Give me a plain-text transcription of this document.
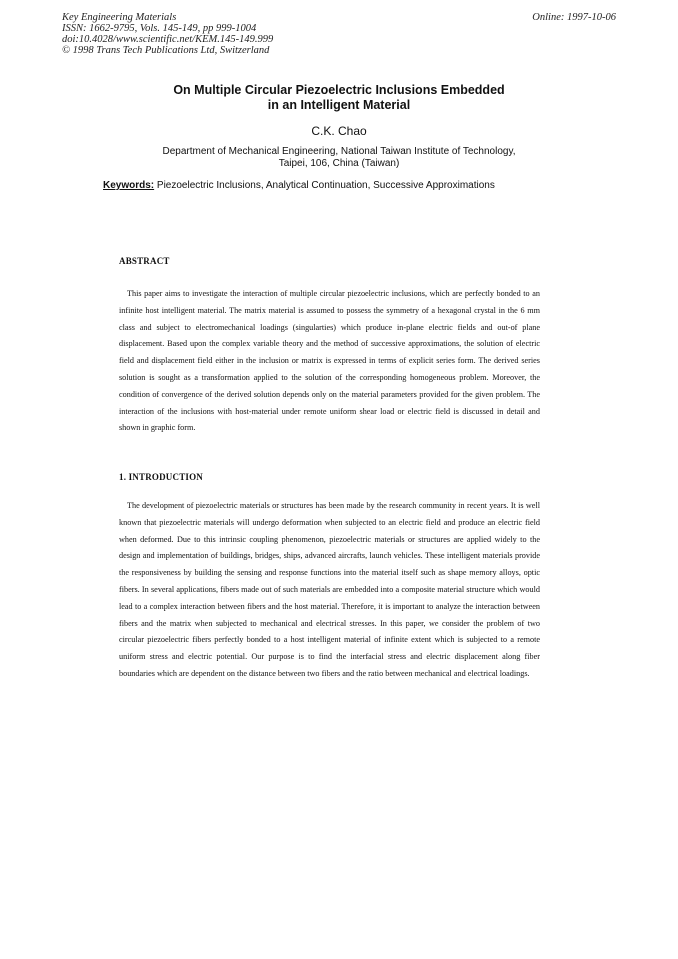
Key Engineering Materials
ISSN: 1662-9795, Vols. 145-149, pp 999-1004
doi:10.4028/www.scientific.net/KEM.145-149.999
© 1998 Trans Tech Publications Ltd, Switzerland
Online: 1997-10-06
On Multiple Circular Piezoelectric Inclusions Embedded
in an Intelligent Material
C.K. Chao
Department of Mechanical Engineering, National Taiwan Institute of Technology,
Taipei, 106, China (Taiwan)
Keywords: Piezoelectric Inclusions, Analytical Continuation, Successive Approximations
ABSTRACT

This paper aims to investigate the interaction of multiple circular piezoelectric inclusions, which are perfectly bonded to an infinite host intelligent material. The matrix material is assumed to possess the symmetry of a hexagonal crystal in the 6 mm class and subject to electromechanical loadings (singularties) which produce in-plane electric fields and out-of plane displacement. Based upon the complex variable theory and the method of successive approximations, the solution of electric field and displacement field either in the inclusion or matrix is expressed in terms of explicit series form. The derived series solution is sought as a transformation applied to the solution of the corresponding homogeneous problem. Moreover, the condition of convergence of the derived solution depends only on the material parameters provided for the given problem. The interaction of the inclusions with host-material under remote uniform shear load or electric field is discussed in detail and shown in graphic form.

1. INTRODUCTION

The development of piezoelectric materials or structures has been made by the research community in recent years. It is well known that piezoelectric materials will undergo deformation when subjected to an electric field and produce an electric field when deformed. Due to this intrinsic coupling phenomenon, piezoelectric materials or structures are applied widely to the design and implementation of buildings, bridges, ships, advanced aircrafts, launch vehicles. These intelligent materials provide the responsiveness by building the sensing and response functions into the material itself such as shape memory alloys, optic fibers. In several applications, fibers made out of such materials are embedded into a composite material structure which would lead to a complex interaction between fibers and the host material. Therefore, it is important to analyze the interaction between fibers and the matrix when subjected to mechanical and electrical stresses. In this paper, we consider the problem of two circular piezoelectric fibers perfectly bonded to a host intelligent material of infinite extent which is subjected to a remote uniform stress and electric potential. Our purpose is to find the interfacial stress and electric displacement along fiber boundaries which are dependent on the distance between two fibers and the ratio between mechanical and electrical loadings.
